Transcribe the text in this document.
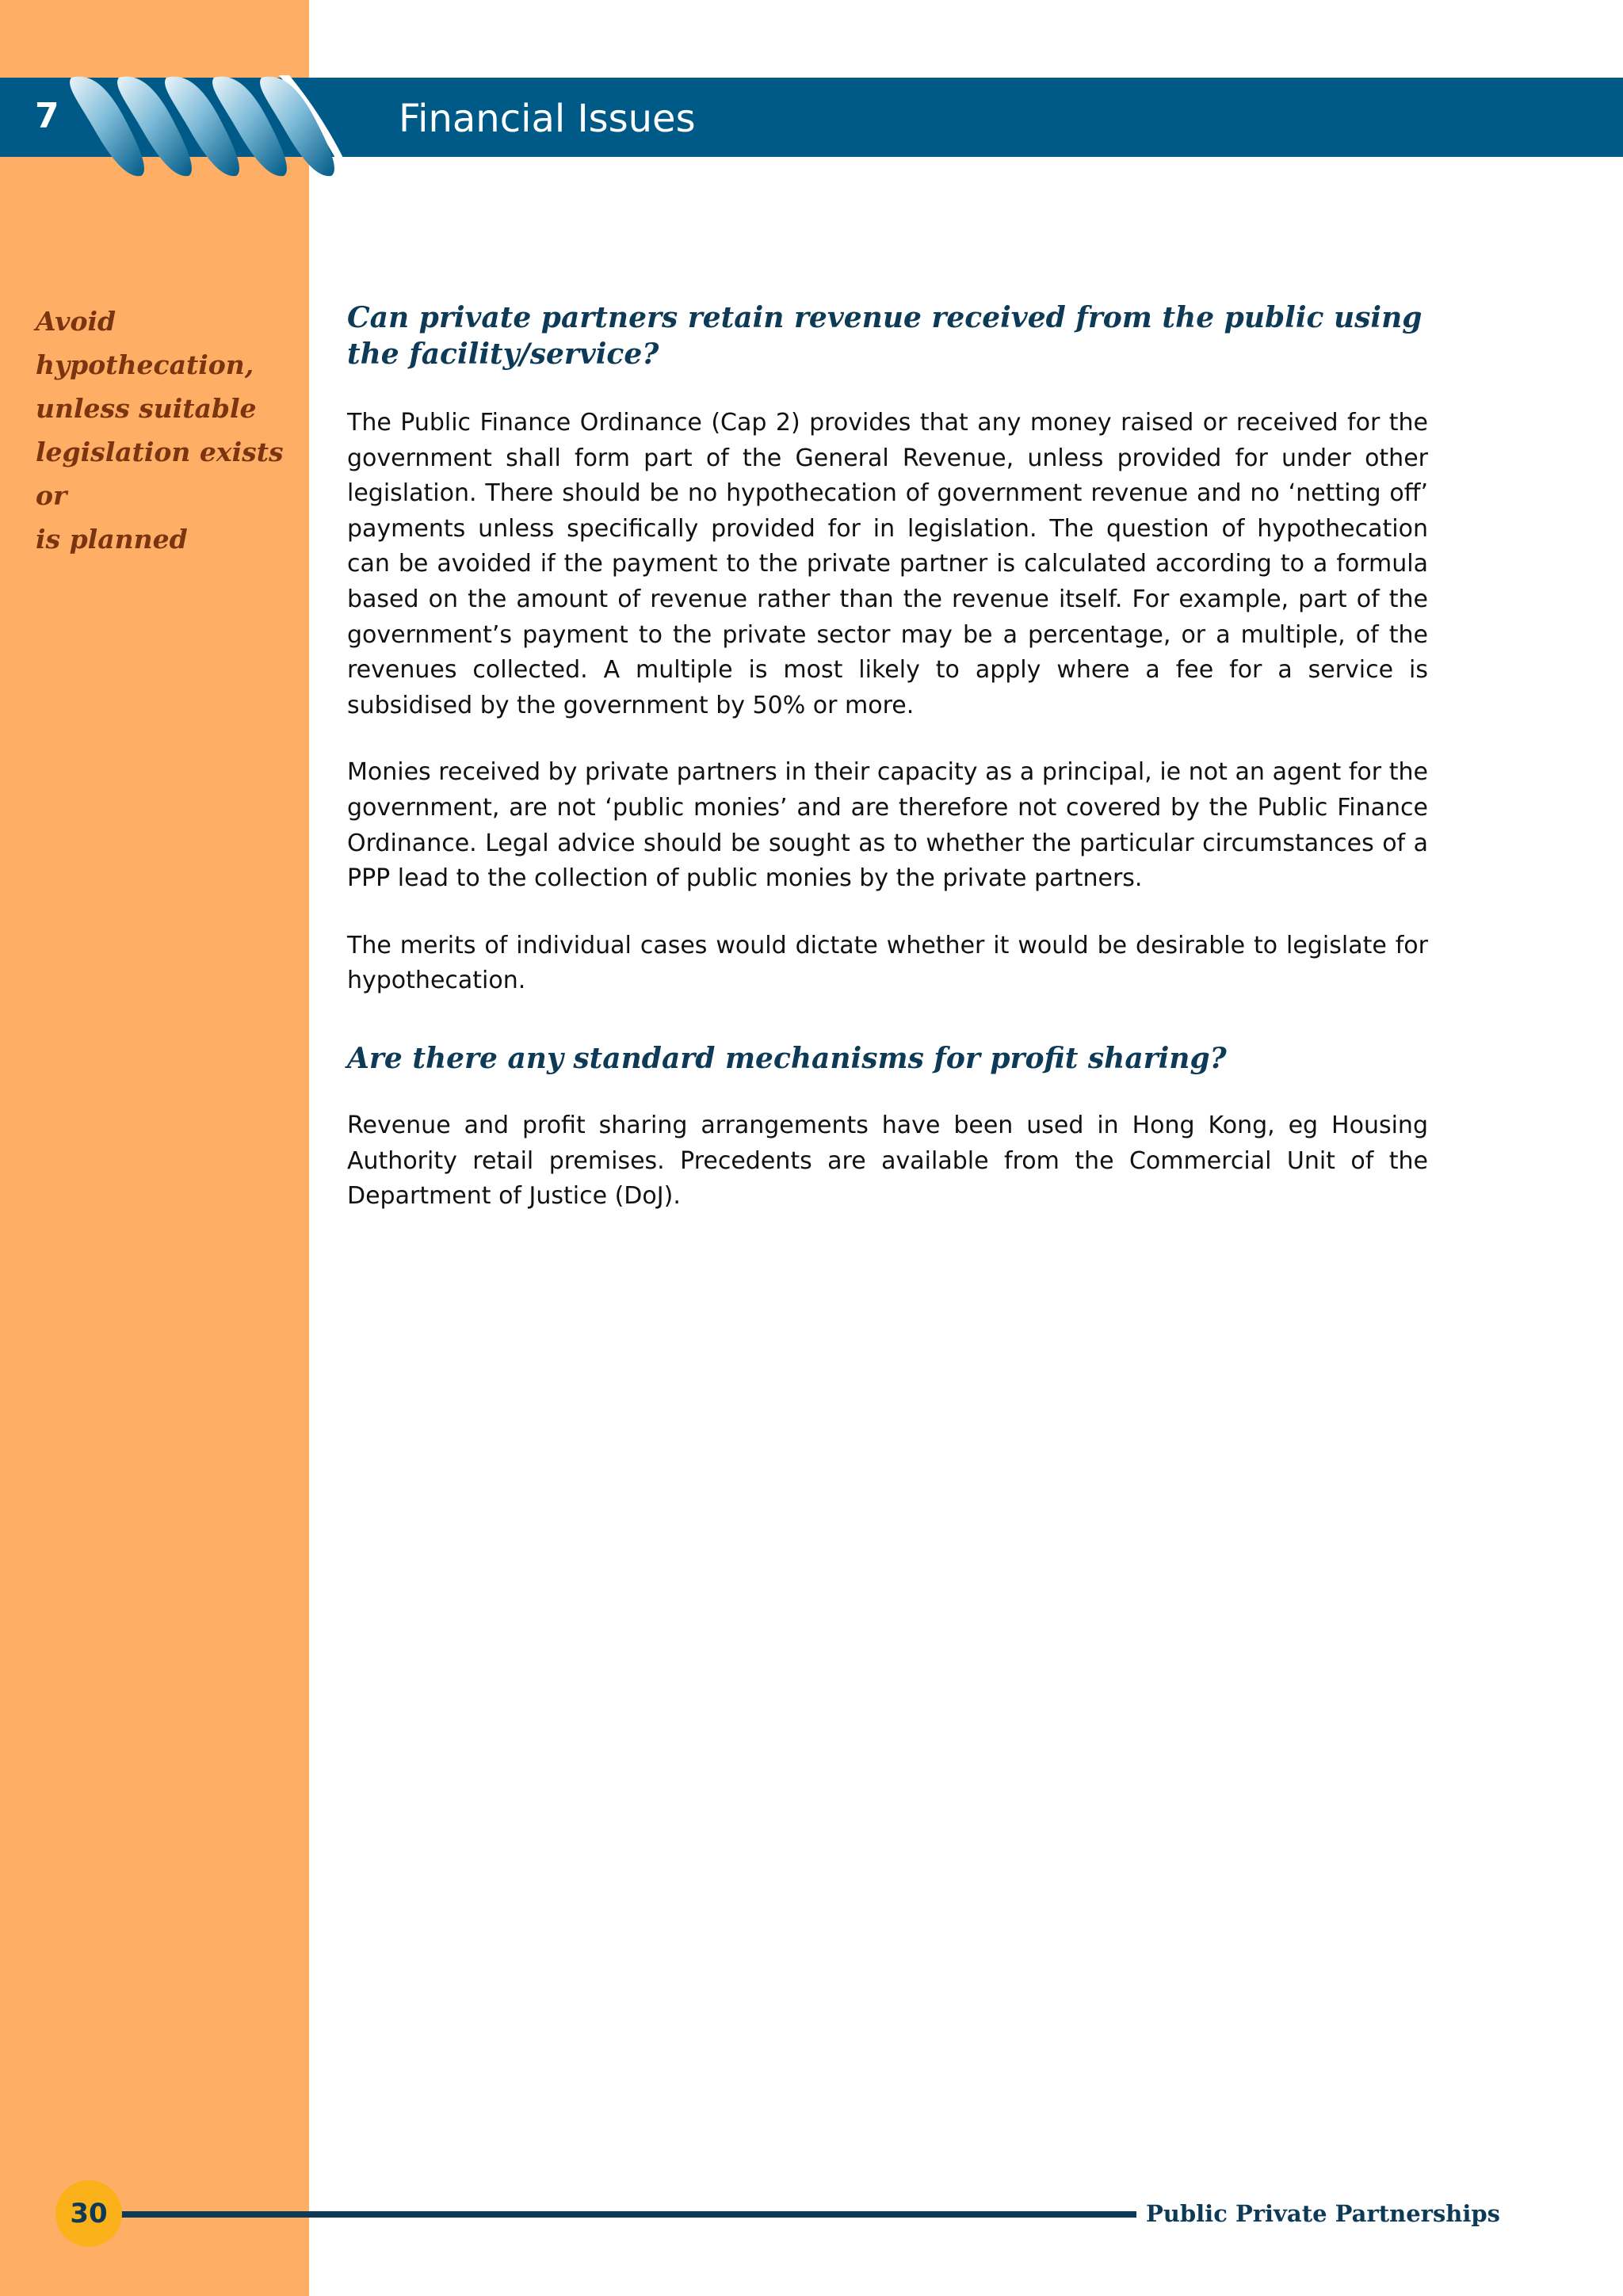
7	Financial Issues
Avoid
hypothecation,
unless suitable
legislation exists or
is planned
Can private partners retain revenue received from the public using the facility/service?

The Public Finance Ordinance (Cap 2) provides that any money raised or received for the government shall form part of the General Revenue, unless provided for under other legislation. There should be no hypothecation of government revenue and no ‘netting off’ payments unless specifically provided for in legislation. The question of hypothecation can be avoided if the payment to the private partner is calculated according to a formula based on the amount of revenue rather than the revenue itself. For example, part of the government’s payment to the private sector may be a percentage, or a multiple, of the revenues collected. A multiple is most likely to apply where a fee for a service is subsidised by the government by 50% or more.

Monies received by private partners in their capacity as a principal, ie not an agent for the government, are not ‘public monies’ and are therefore not covered by the Public Finance Ordinance. Legal advice should be sought as to whether the particular circumstances of a PPP lead to the collection of public monies by the private partners.

The merits of individual cases would dictate whether it would be desirable to legislate for hypothecation.

Are there any standard mechanisms for profit sharing?

Revenue and profit sharing arrangements have been used in Hong Kong, eg Housing Authority retail premises. Precedents are available from the Commercial Unit of the Department of Justice (DoJ).

30	Public Private Partnerships
